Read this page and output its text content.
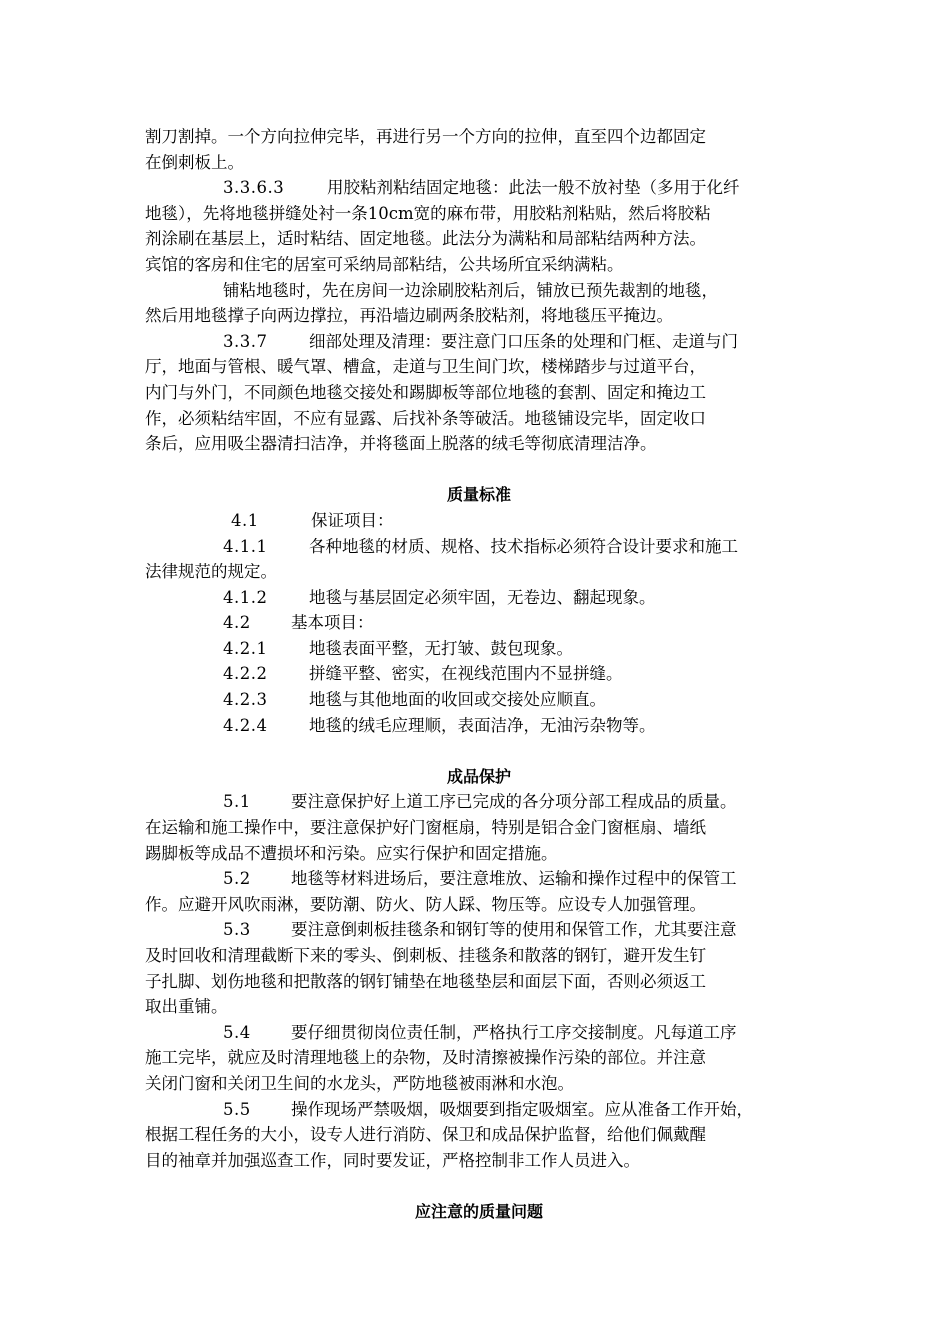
割刀割掉。一个方向拉伸完毕，再进行另一个方向的拉伸，直至四个边都固定
在倒刺板上。
3.3.6.3	用胶粘剂粘结固定地毯：此法一般不放衬垫（多用于化纤
地毯），先将地毯拼缝处衬一条10cm宽的麻布带，用胶粘剂粘贴，然后将胶粘
剂涂刷在基层上，适时粘结、固定地毯。此法分为满粘和局部粘结两种方法。
宾馆的客房和住宅的居室可采纳局部粘结，公共场所宜采纳满粘。
铺粘地毯时，先在房间一边涂刷胶粘剂后，铺放已预先裁割的地毯，
然后用地毯撑子向两边撑拉，再沿墙边刷两条胶粘剂，将地毯压平掩边。
3.3.7	细部处理及清理：要注意门口压条的处理和门框、走道与门
厅，地面与管根、暖气罩、槽盒，走道与卫生间门坎，楼梯踏步与过道平台，
内门与外门，不同颜色地毯交接处和踢脚板等部位地毯的套割、固定和掩边工
作，必须粘结牢固，不应有显露、后找补条等破活。地毯铺设完毕，固定收口
条后，应用吸尘器清扫洁净，并将毯面上脱落的绒毛等彻底清理洁净。
质量标准
4.1	保证项目：
4.1.1	各种地毯的材质、规格、技术指标必须符合设计要求和施工
法律规范的规定。
4.1.2	地毯与基层固定必须牢固，无卷边、翻起现象。
4.2 基本项目：
4.2.1	地毯表面平整，无打皱、鼓包现象。
4.2.2	拼缝平整、密实，在视线范围内不显拼缝。
4.2.3	地毯与其他地面的收回或交接处应顺直。
4.2.4	地毯的绒毛应理顺，表面洁净，无油污杂物等。
成品保护
5.1 要注意保护好上道工序已完成的各分项分部工程成品的质量。
在运输和施工操作中，要注意保护好门窗框扇，特别是铝合金门窗框扇、墙纸
踢脚板等成品不遭损坏和污染。应实行保护和固定措施。
5.2 地毯等材料进场后，要注意堆放、运输和操作过程中的保管工
作。应避开风吹雨淋，要防潮、防火、防人踩、物压等。应设专人加强管理。
5.3 要注意倒刺板挂毯条和钢钉等的使用和保管工作，尤其要注意
及时回收和清理截断下来的零头、倒刺板、挂毯条和散落的钢钉，避开发生钉
子扎脚、划伤地毯和把散落的钢钉铺垫在地毯垫层和面层下面，否则必须返工
取出重铺。
5.4 要仔细贯彻岗位责任制，严格执行工序交接制度。凡每道工序
施工完毕，就应及时清理地毯上的杂物，及时清擦被操作污染的部位。并注意
关闭门窗和关闭卫生间的水龙头，严防地毯被雨淋和水泡。
5.5 操作现场严禁吸烟，吸烟要到指定吸烟室。应从准备工作开始，
根据工程任务的大小，设专人进行消防、保卫和成品保护监督，给他们佩戴醒
目的袖章并加强巡查工作，同时要发证，严格控制非工作人员进入。
应注意的质量问题
